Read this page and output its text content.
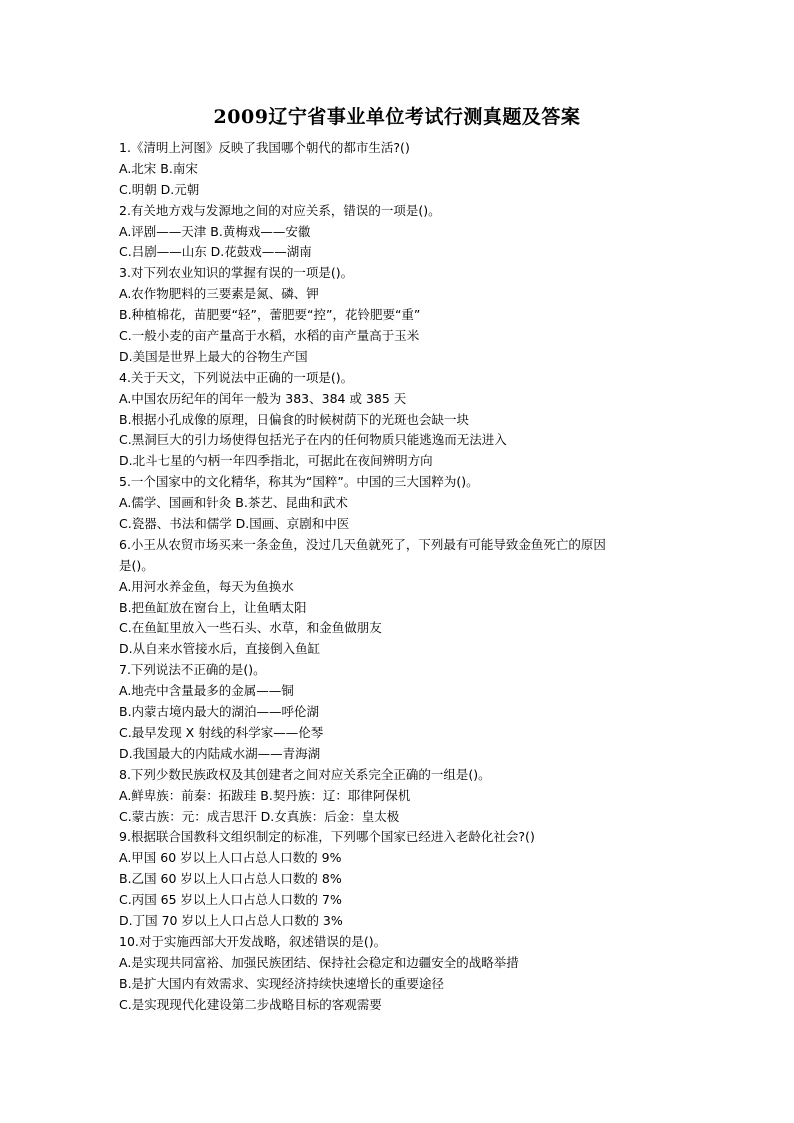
2009辽宁省事业单位考试行测真题及答案
1.《清明上河图》反映了我国哪个朝代的都市生活?()
A.北宋 B.南宋
C.明朝 D.元朝
2.有关地方戏与发源地之间的对应关系，错误的一项是()。
A.评剧——天津 B.黄梅戏——安徽
C.吕剧——山东 D.花鼓戏——湖南
3.对下列农业知识的掌握有误的一项是()。
A.农作物肥料的三要素是氮、磷、钾
B.种植棉花，苗肥要“轻”，蕾肥要“控”，花铃肥要“重”
C.一般小麦的亩产量高于水稻，水稻的亩产量高于玉米
D.美国是世界上最大的谷物生产国
4.关于天文，下列说法中正确的一项是()。
A.中国农历纪年的闰年一般为 383、384 或 385 天
B.根据小孔成像的原理，日偏食的时候树荫下的光斑也会缺一块
C.黑洞巨大的引力场使得包括光子在内的任何物质只能逃逸而无法进入
D.北斗七星的勺柄一年四季指北，可据此在夜间辨明方向
5.一个国家中的文化精华，称其为“国粹”。中国的三大国粹为()。
A.儒学、国画和针灸 B.茶艺、昆曲和武术
C.瓷器、书法和儒学 D.国画、京剧和中医
6.小王从农贸市场买来一条金鱼，没过几天鱼就死了，下列最有可能导致金鱼死亡的原因
是()。
A.用河水养金鱼，每天为鱼换水
B.把鱼缸放在窗台上，让鱼晒太阳
C.在鱼缸里放入一些石头、水草，和金鱼做朋友
D.从自来水管接水后，直接倒入鱼缸
7.下列说法不正确的是()。
A.地壳中含量最多的金属——铜
B.内蒙古境内最大的湖泊——呼伦湖
C.最早发现 X 射线的科学家——伦琴
D.我国最大的内陆咸水湖——青海湖
8.下列少数民族政权及其创建者之间对应关系完全正确的一组是()。
A.鲜卑族：前秦：拓跋珪 B.契丹族：辽：耶律阿保机
C.蒙古族：元：成吉思汗 D.女真族：后金：皇太极
9.根据联合国教科文组织制定的标准，下列哪个国家已经进入老龄化社会?()
A.甲国 60 岁以上人口占总人口数的 9%
B.乙国 60 岁以上人口占总人口数的 8%
C.丙国 65 岁以上人口占总人口数的 7%
D.丁国 70 岁以上人口占总人口数的 3%
10.对于实施西部大开发战略，叙述错误的是()。
A.是实现共同富裕、加强民族团结、保持社会稳定和边疆安全的战略举措
B.是扩大国内有效需求、实现经济持续快速增长的重要途径
C.是实现现代化建设第二步战略目标的客观需要
